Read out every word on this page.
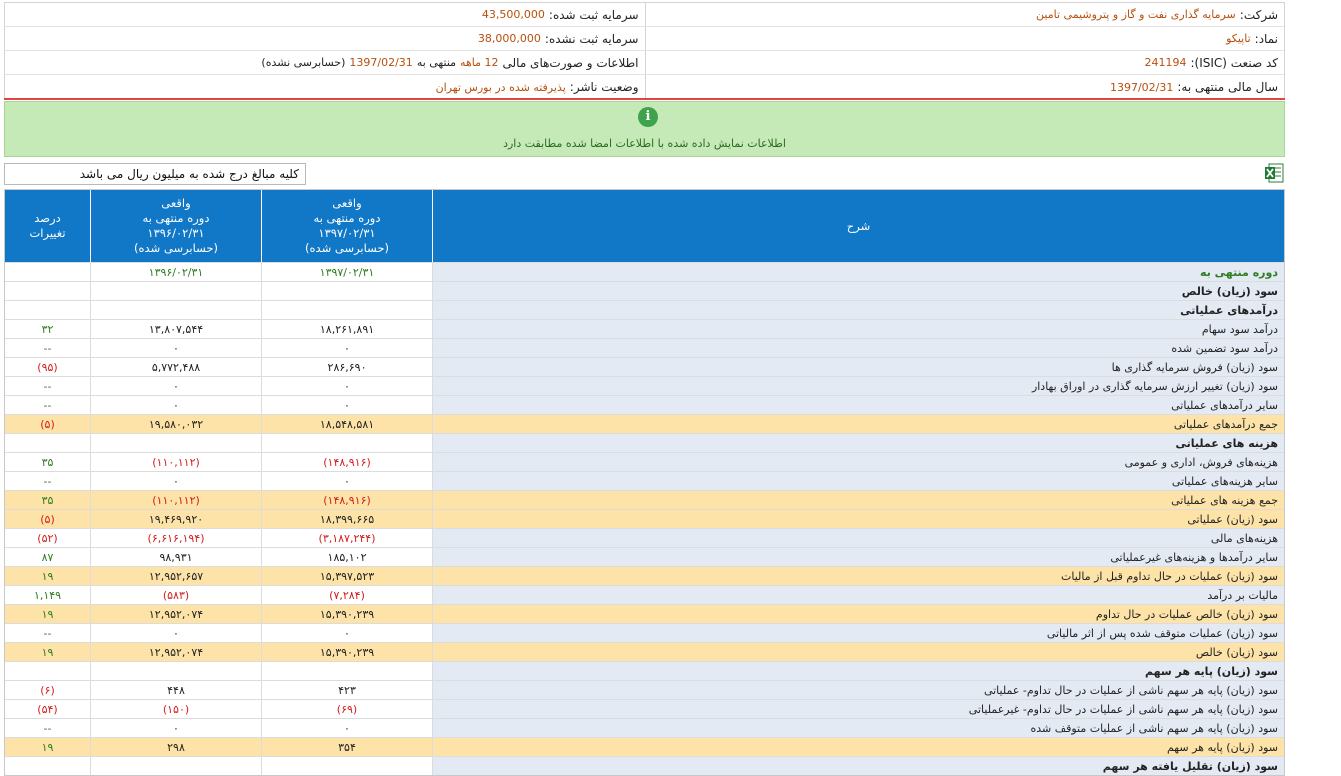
شرکت:
سرمایه گذاری نفت و گاز و پتروشیمی تامین
سرمایه ثبت شده:
43,500,000
نماد:
تاپیکو
سرمایه ثبت نشده:
38,000,000
کد صنعت (ISIC):
241194
اطلاعات و صورت‌های مالی
12 ماهه
منتهی به
1397/02/31
(حسابرسی نشده)
سال مالی منتهی به:
1397/02/31
وضعیت ناشر:
پذیرفته شده در بورس تهران
i
اطلاعات نمایش داده شده با اطلاعات امضا شده مطابقت دارد
کلیه مبالغ درج شده به میلیون ریال می باشد
شرح
واقعی
دوره منتهی به
۱۳۹۷/۰۲/۳۱
(حسابرسی شده)
واقعی
دوره منتهی به
۱۳۹۶/۰۲/۳۱
(حسابرسی شده)
درصد
تغییرات
دوره منتهی به
۱۳۹۷/۰۲/۳۱
۱۳۹۶/۰۲/۳۱
سود (زیان) خالص
درآمدهای عملیاتی
درآمد سود سهام
۱۸,۲۶۱,۸۹۱
۱۳,۸۰۷,۵۴۴
۳۲
درآمد سود تضمین شده
۰
۰
--
سود (زیان) فروش سرمایه گذاری ها
۲۸۶,۶۹۰
۵,۷۷۲,۴۸۸
(۹۵)
سود (زیان) تغییر ارزش سرمایه گذاری در اوراق بهادار
۰
۰
--
سایر درآمدهای عملیاتی
۰
۰
--
جمع درآمدهای عملیاتی
۱۸,۵۴۸,۵۸۱
۱۹,۵۸۰,۰۳۲
(۵)
هزینه های عملیاتی
هزینه‌های فروش، اداری و عمومی
(۱۴۸,۹۱۶)
(۱۱۰,۱۱۲)
۳۵
سایر هزینه‌های عملیاتی
۰
۰
--
جمع هزینه های عملیاتی
(۱۴۸,۹۱۶)
(۱۱۰,۱۱۲)
۳۵
سود (زیان) عملیاتی
۱۸,۳۹۹,۶۶۵
۱۹,۴۶۹,۹۲۰
(۵)
هزینه‌های مالی
(۳,۱۸۷,۲۴۴)
(۶,۶۱۶,۱۹۴)
(۵۲)
سایر درآمدها و هزینه‌های غیرعملیاتی
۱۸۵,۱۰۲
۹۸,۹۳۱
۸۷
سود (زیان) عملیات در حال تداوم قبل از مالیات
۱۵,۳۹۷,۵۲۳
۱۲,۹۵۲,۶۵۷
۱۹
مالیات بر درآمد
(۷,۲۸۴)
(۵۸۳)
۱,۱۴۹
سود (زیان) خالص عملیات در حال تداوم
۱۵,۳۹۰,۲۳۹
۱۲,۹۵۲,۰۷۴
۱۹
سود (زیان) عملیات متوقف شده پس از اثر مالیاتی
۰
۰
--
سود (زیان) خالص
۱۵,۳۹۰,۲۳۹
۱۲,۹۵۲,۰۷۴
۱۹
سود (زیان) پایه هر سهم
سود (زیان) پایه هر سهم ناشی از عملیات در حال تداوم- عملیاتی
۴۲۳
۴۴۸
(۶)
سود (زیان) پایه هر سهم ناشی از عملیات در حال تداوم- غیرعملیاتی
(۶۹)
(۱۵۰)
(۵۴)
سود (زیان) پایه هر سهم ناشی از عملیات متوقف شده
۰
۰
--
سود (زیان) پایه هر سهم
۳۵۴
۲۹۸
۱۹
سود (زیان) تقلیل یافته هر سهم
